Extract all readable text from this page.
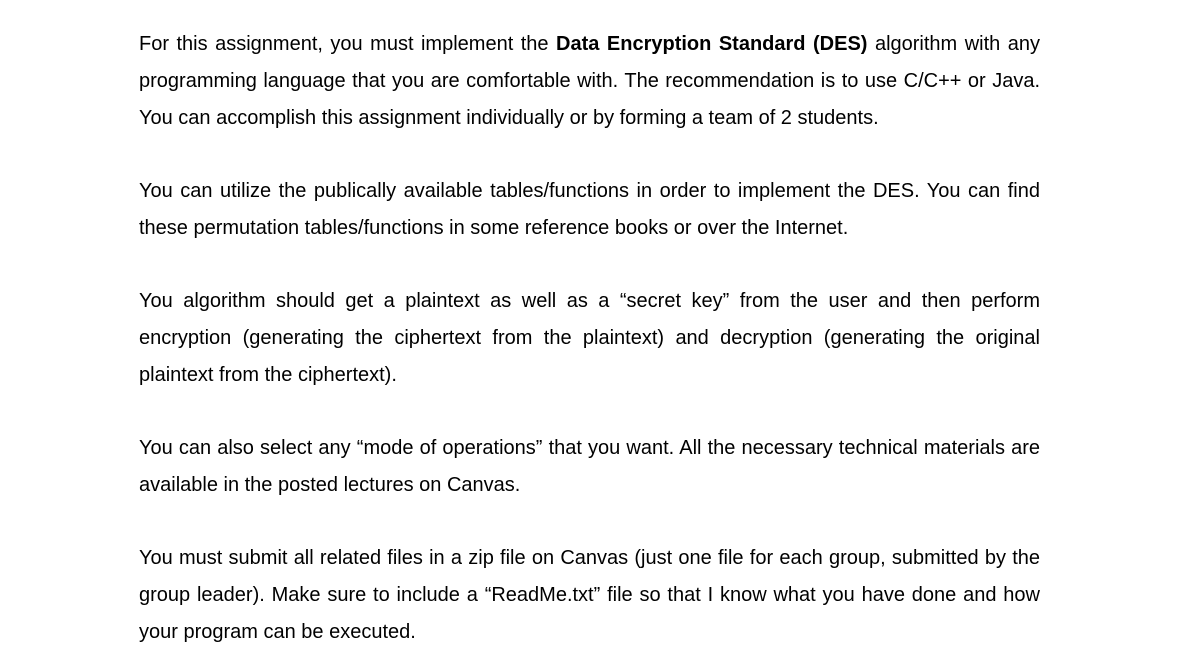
For this assignment, you must implement the Data Encryption Standard (DES) algorithm with any programming language that you are comfortable with. The recommendation is to use C/C++ or Java. You can accomplish this assignment individually or by forming a team of 2 students.

You can utilize the publically available tables/functions in order to implement the DES. You can find these permutation tables/functions in some reference books or over the Internet.

You algorithm should get a plaintext as well as a “secret key” from the user and then perform encryption (generating the ciphertext from the plaintext) and decryption (generating the original plaintext from the ciphertext).

You can also select any “mode of operations” that you want. All the necessary technical materials are available in the posted lectures on Canvas.

You must submit all related files in a zip file on Canvas (just one file for each group, submitted by the group leader). Make sure to include a “ReadMe.txt” file so that I know what you have done and how your program can be executed.
